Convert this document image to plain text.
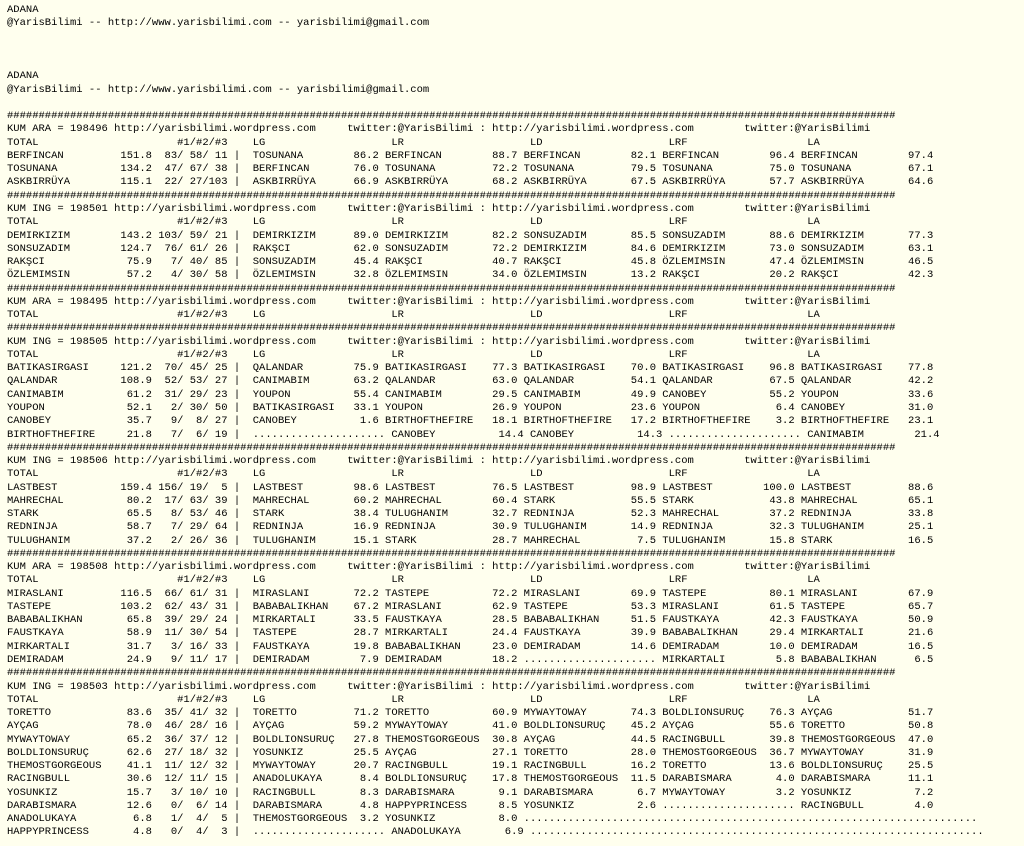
ADANA
@YarisBilimi -- http://www.yarisbilimi.com -- yarisbilimi@gmail.com

ADANA
@YarisBilimi -- http://www.yarisbilimi.com -- yarisbilimi@gmail.com

#############################################################################################################################################
KUM ARA = 198496 http://yarisbilimi.wordpress.com     twitter:@YarisBilimi : http://yarisbilimi.wordpress.com        twitter:@YarisBilimi
TOTAL                      #1/#2/#3    LG                    LR                    LD                    LRF                   LA
BERFINCAN         151.8  83/ 58/ 11 |  TOSUNANA        86.2 BERFINCAN        88.7 BERFINCAN        82.1 BERFINCAN        96.4 BERFINCAN        97.4
TOSUNANA          134.2  47/ 67/ 38 |  BERFINCAN       76.0 TOSUNANA         72.2 TOSUNANA         79.5 TOSUNANA         75.0 TOSUNANA         67.1
ASKBIRRÜYA        115.1  22/ 27/103 |  ASKBIRRÜYA      66.9 ASKBIRRÜYA       68.2 ASKBIRRÜYA       67.5 ASKBIRRÜYA       57.7 ASKBIRRÜYA       64.6
#############################################################################################################################################
KUM ING = 198501 http://yarisbilimi.wordpress.com     twitter:@YarisBilimi : http://yarisbilimi.wordpress.com        twitter:@YarisBilimi
TOTAL                      #1/#2/#3    LG                    LR                    LD                    LRF                   LA
DEMIRKIZIM        143.2 103/ 59/ 21 |  DEMIRKIZIM      89.0 DEMIRKIZIM       82.2 SONSUZADIM       85.5 SONSUZADIM       88.6 DEMIRKIZIM       77.3
SONSUZADIM        124.7  76/ 61/ 26 |  RAKŞCI          62.0 SONSUZADIM       72.2 DEMIRKIZIM       84.6 DEMIRKIZIM       73.0 SONSUZADIM       63.1
RAKŞCI             75.9   7/ 40/ 85 |  SONSUZADIM      45.4 RAKŞCI           40.7 RAKŞCI           45.8 ÖZLEMIMSIN       47.4 ÖZLEMIMSIN       46.5
ÖZLEMIMSIN         57.2   4/ 30/ 58 |  ÖZLEMIMSIN      32.8 ÖZLEMIMSIN       34.0 ÖZLEMIMSIN       13.2 RAKŞCI           20.2 RAKŞCI           42.3
#############################################################################################################################################
KUM ARA = 198495 http://yarisbilimi.wordpress.com     twitter:@YarisBilimi : http://yarisbilimi.wordpress.com        twitter:@YarisBilimi
TOTAL                      #1/#2/#3    LG                    LR                    LD                    LRF                   LA
#############################################################################################################################################
KUM ING = 198505 http://yarisbilimi.wordpress.com     twitter:@YarisBilimi : http://yarisbilimi.wordpress.com        twitter:@YarisBilimi
TOTAL                      #1/#2/#3    LG                    LR                    LD                    LRF                   LA
BATIKASIRGASI     121.2  70/ 45/ 25 |  QALANDAR        75.9 BATIKASIRGASI    77.3 BATIKASIRGASI    70.0 BATIKASIRGASI    96.8 BATIKASIRGASI    77.8
QALANDAR          108.9  52/ 53/ 27 |  CANIMABIM       63.2 QALANDAR         63.0 QALANDAR         54.1 QALANDAR         67.5 QALANDAR         42.2
CANIMABIM          61.2  31/ 29/ 23 |  YOUPON          55.4 CANIMABIM        29.5 CANIMABIM        49.9 CANOBEY          55.2 YOUPON           33.6
YOUPON             52.1   2/ 30/ 50 |  BATIKASIRGASI   33.1 YOUPON           26.9 YOUPON           23.6 YOUPON            6.4 CANOBEY          31.0
CANOBEY            35.7   9/  8/ 27 |  CANOBEY          1.6 BIRTHOFTHEFIRE   18.1 BIRTHOFTHEFIRE   17.2 BIRTHOFTHEFIRE    3.2 BIRTHOFTHEFIRE   23.1
BIRTHOFTHEFIRE     21.8   7/  6/ 19 |  ..................... CANOBEY          14.4 CANOBEY          14.3 ..................... CANIMABIM        21.4
#############################################################################################################################################
KUM ING = 198506 http://yarisbilimi.wordpress.com     twitter:@YarisBilimi : http://yarisbilimi.wordpress.com        twitter:@YarisBilimi
TOTAL                      #1/#2/#3    LG                    LR                    LD                    LRF                   LA
LASTBEST          159.4 156/ 19/  5 |  LASTBEST        98.6 LASTBEST         76.5 LASTBEST         98.9 LASTBEST        100.0 LASTBEST         88.6
MAHRECHAL          80.2  17/ 63/ 39 |  MAHRECHAL       60.2 MAHRECHAL        60.4 STARK            55.5 STARK            43.8 MAHRECHAL        65.1
STARK              65.5   8/ 53/ 46 |  STARK           38.4 TULUGHANIM       32.7 REDNINJA         52.3 MAHRECHAL        37.2 REDNINJA         33.8
REDNINJA           58.7   7/ 29/ 64 |  REDNINJA        16.9 REDNINJA         30.9 TULUGHANIM       14.9 REDNINJA         32.3 TULUGHANIM       25.1
TULUGHANIM         37.2   2/ 26/ 36 |  TULUGHANIM      15.1 STARK            28.7 MAHRECHAL         7.5 TULUGHANIM       15.8 STARK            16.5
#############################################################################################################################################
KUM ARA = 198508 http://yarisbilimi.wordpress.com     twitter:@YarisBilimi : http://yarisbilimi.wordpress.com        twitter:@YarisBilimi
TOTAL                      #1/#2/#3    LG                    LR                    LD                    LRF                   LA
MIRASLANI         116.5  66/ 61/ 31 |  MIRASLANI       72.2 TASTEPE          72.2 MIRASLANI        69.9 TASTEPE          80.1 MIRASLANI        67.9
TASTEPE           103.2  62/ 43/ 31 |  BABABALIKHAN    67.2 MIRASLANI        62.9 TASTEPE          53.3 MIRASLANI        61.5 TASTEPE          65.7
BABABALIKHAN       65.8  39/ 29/ 24 |  MIRKARTALI      33.5 FAUSTKAYA        28.5 BABABALIKHAN     51.5 FAUSTKAYA        42.3 FAUSTKAYA        50.9
FAUSTKAYA          58.9  11/ 30/ 54 |  TASTEPE         28.7 MIRKARTALI       24.4 FAUSTKAYA        39.9 BABABALIKHAN     29.4 MIRKARTALI       21.6
MIRKARTALI         31.7   3/ 16/ 33 |  FAUSTKAYA       19.8 BABABALIKHAN     23.0 DEMIRADAM        14.6 DEMIRADAM        10.0 DEMIRADAM        16.5
DEMIRADAM          24.9   9/ 11/ 17 |  DEMIRADAM        7.9 DEMIRADAM        18.2 ..................... MIRKARTALI        5.8 BABABALIKHAN      6.5
#############################################################################################################################################
KUM ING = 198503 http://yarisbilimi.wordpress.com     twitter:@YarisBilimi : http://yarisbilimi.wordpress.com        twitter:@YarisBilimi
TOTAL                      #1/#2/#3    LG                    LR                    LD                    LRF                   LA
TORETTO            83.6  35/ 41/ 32 |  TORETTO         71.2 TORETTO          60.9 MYWAYTOWAY       74.3 BOLDLIONSURUÇ    76.3 AYÇAG            51.7
AYÇAG              78.0  46/ 28/ 16 |  AYÇAG           59.2 MYWAYTOWAY       41.0 BOLDLIONSURUÇ    45.2 AYÇAG            55.6 TORETTO          50.8
MYWAYTOWAY         65.2  36/ 37/ 12 |  BOLDLIONSURUÇ   27.8 THEMOSTGORGEOUS  30.8 AYÇAG            44.5 RACINGBULL       39.8 THEMOSTGORGEOUS  47.0
BOLDLIONSURUÇ      62.6  27/ 18/ 32 |  YOSUNKIZ        25.5 AYÇAG            27.1 TORETTO          28.0 THEMOSTGORGEOUS  36.7 MYWAYTOWAY       31.9
THEMOSTGORGEOUS    41.1  11/ 12/ 32 |  MYWAYTOWAY      20.7 RACINGBULL       19.1 RACINGBULL       16.2 TORETTO          13.6 BOLDLIONSURUÇ    25.5
RACINGBULL         30.6  12/ 11/ 15 |  ANADOLUKAYA      8.4 BOLDLIONSURUÇ    17.8 THEMOSTGORGEOUS  11.5 DARABISMARA       4.0 DARABISMARA      11.1
YOSUNKIZ           15.7   3/ 10/ 10 |  RACINGBULL       8.3 DARABISMARA       9.1 DARABISMARA       6.7 MYWAYTOWAY        3.2 YOSUNKIZ          7.2
DARABISMARA        12.6   0/  6/ 14 |  DARABISMARA      4.8 HAPPYPRINCESS     8.5 YOSUNKIZ          2.6 ..................... RACINGBULL        4.0
ANADOLUKAYA         6.8   1/  4/  5 |  THEMOSTGORGEOUS  3.2 YOSUNKIZ          8.0 ........................................................................
HAPPYPRINCESS       4.8   0/  4/  3 |  ..................... ANADOLUKAYA       6.9 ........................................................................
